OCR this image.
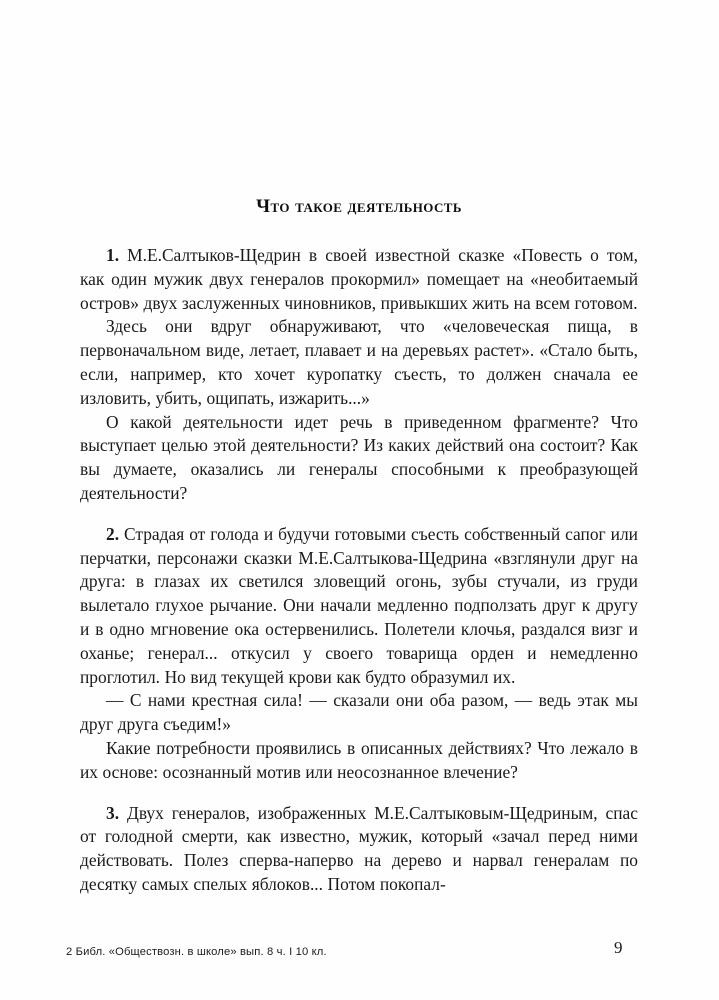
Что такое деятельность

1. М.Е.Салтыков-Щедрин в своей известной сказке «Повесть о том, как один мужик двух генералов прокормил» помещает на «необитаемый остров» двух заслуженных чиновников, привыкших жить на всем готовом.

Здесь они вдруг обнаруживают, что «человеческая пища, в первоначальном виде, летает, плавает и на деревьях растет». «Стало быть, если, например, кто хочет куропатку съесть, то должен сначала ее изловить, убить, ощипать, изжарить...»

О какой деятельности идет речь в приведенном фрагменте? Что выступает целью этой деятельности? Из каких действий она состоит? Как вы думаете, оказались ли генералы способными к преобразующей деятельности?

2. Страдая от голода и будучи готовыми съесть собственный сапог или перчатки, персонажи сказки М.Е.Салтыкова-Щедрина «взглянули друг на друга: в глазах их светился зловещий огонь, зубы стучали, из груди вылетало глухое рычание. Они начали медленно подползать друг к другу и в одно мгновение ока остервенились. Полетели клочья, раздался визг и оханье; генерал... откусил у своего товарища орден и немедленно проглотил. Но вид текущей крови как будто образумил их.

— С нами крестная сила! — сказали они оба разом, — ведь этак мы друг друга съедим!»

Какие потребности проявились в описанных действиях? Что лежало в их основе: осознанный мотив или неосознанное влечение?

3. Двух генералов, изображенных М.Е.Салтыковым-Щедриным, спас от голодной смерти, как известно, мужик, который «зачал перед ними действовать. Полез сперва-наперво на дерево и нарвал генералам по десятку самых спелых яблоков... Потом покопал-

2 Библ. «Обществозн. в школе» вып. 8 ч. I 10 кл.	9
